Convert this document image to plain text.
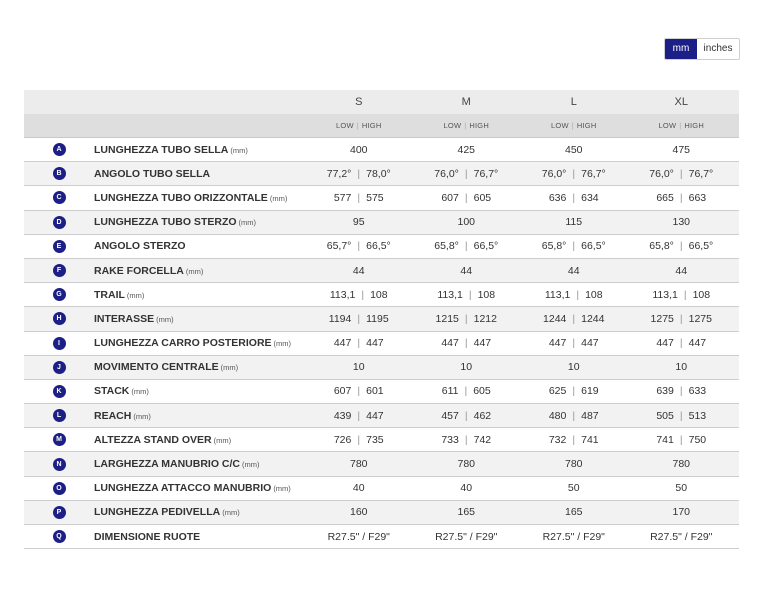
mm	inches
S	M	L	XL
LOW | HIGH	LOW | HIGH	LOW | HIGH	LOW | HIGH
A	LUNGHEZZA TUBO SELLA (mm)	400	425	450	475
B	ANGOLO TUBO SELLA	77,2° | 78,0°	76,0° | 76,7°	76,0° | 76,7°	76,0° | 76,7°
C	LUNGHEZZA TUBO ORIZZONTALE (mm)	577 | 575	607 | 605	636 | 634	665 | 663
D	LUNGHEZZA TUBO STERZO (mm)	95	100	115	130
E	ANGOLO STERZO	65,7° | 66,5°	65,8° | 66,5°	65,8° | 66,5°	65,8° | 66,5°
F	RAKE FORCELLA (mm)	44	44	44	44
G	TRAIL (mm)	113,1 | 108	113,1 | 108	113,1 | 108	113,1 | 108
H	INTERASSE (mm)	1194 | 1195	1215 | 1212	1244 | 1244	1275 | 1275
I	LUNGHEZZA CARRO POSTERIORE (mm)	447 | 447	447 | 447	447 | 447	447 | 447
J	MOVIMENTO CENTRALE (mm)	10	10	10	10
K	STACK (mm)	607 | 601	611 | 605	625 | 619	639 | 633
L	REACH (mm)	439 | 447	457 | 462	480 | 487	505 | 513
M	ALTEZZA STAND OVER (mm)	726 | 735	733 | 742	732 | 741	741 | 750
N	LARGHEZZA MANUBRIO C/C (mm)	780	780	780	780
O	LUNGHEZZA ATTACCO MANUBRIO (mm)	40	40	50	50
P	LUNGHEZZA PEDIVELLA (mm)	160	165	165	170
Q	DIMENSIONE RUOTE	R27.5" / F29"	R27.5" / F29"	R27.5" / F29"	R27.5" / F29"
